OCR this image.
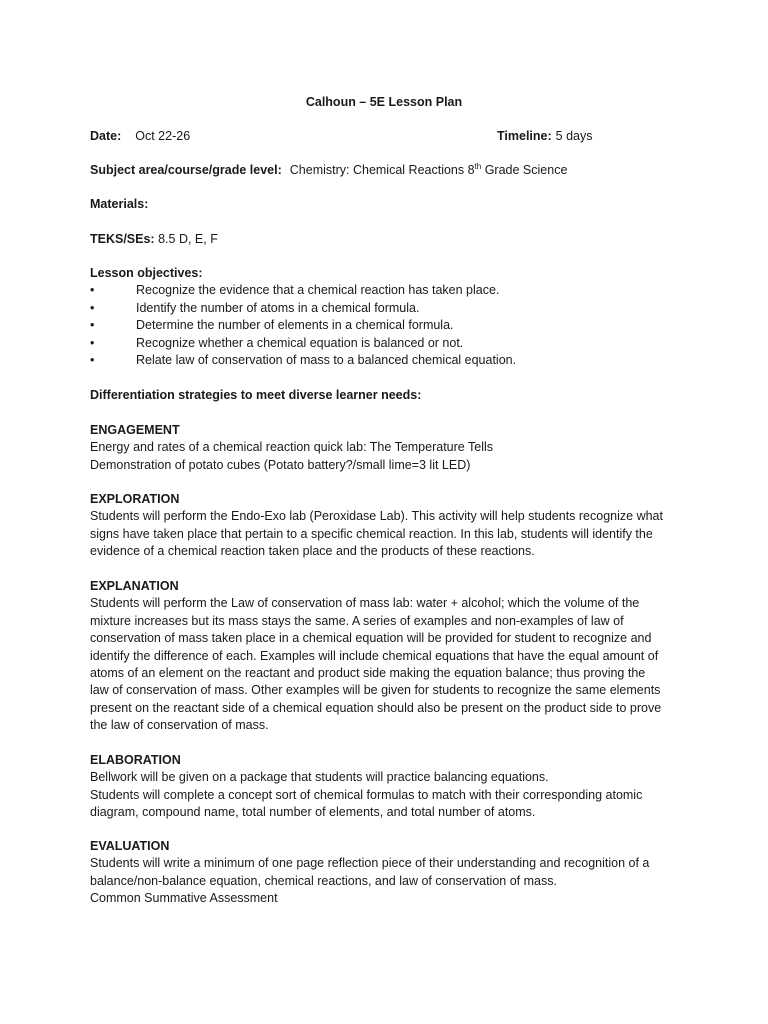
Calhoun – 5E Lesson Plan
Date: Oct 22-26	Timeline: 5 days
Subject area/course/grade level: Chemistry: Chemical Reactions 8th Grade Science
Materials:
TEKS/SEs: 8.5 D, E, F
Lesson objectives:
•	Recognize the evidence that a chemical reaction has taken place.
•	Identify the number of atoms in a chemical formula.
•	Determine the number of elements in a chemical formula.
•	Recognize whether a chemical equation is balanced or not.
•	Relate law of conservation of mass to a balanced chemical equation.
Differentiation strategies to meet diverse learner needs:
ENGAGEMENT

Energy and rates of a chemical reaction quick lab: The Temperature Tells

Demonstration of potato cubes (Potato battery?/small lime=3 lit LED)

EXPLORATION

Students will perform the Endo-Exo lab (Peroxidase Lab). This activity will help students recognize what

signs have taken place that pertain to a specific chemical reaction. In this lab, students will identify the

evidence of a chemical reaction taken place and the products of these reactions.

EXPLANATION

Students will perform the Law of conservation of mass lab: water + alcohol; which the volume of the

mixture increases but its mass stays the same. A series of examples and non-examples of law of

conservation of mass taken place in a chemical equation will be provided for student to recognize and

identify the difference of each. Examples will include chemical equations that have the equal amount of

atoms of an element on the reactant and product side making the equation balance; thus proving the

law of conservation of mass. Other examples will be given for students to recognize the same elements

present on the reactant side of a chemical equation should also be present on the product side to prove

the law of conservation of mass.

ELABORATION

Bellwork will be given on a package that students will practice balancing equations.

Students will complete a concept sort of chemical formulas to match with their corresponding atomic

diagram, compound name, total number of elements, and total number of atoms.

EVALUATION

Students will write a minimum of one page reflection piece of their understanding and recognition of a

balance/non-balance equation, chemical reactions, and law of conservation of mass.

Common Summative Assessment
